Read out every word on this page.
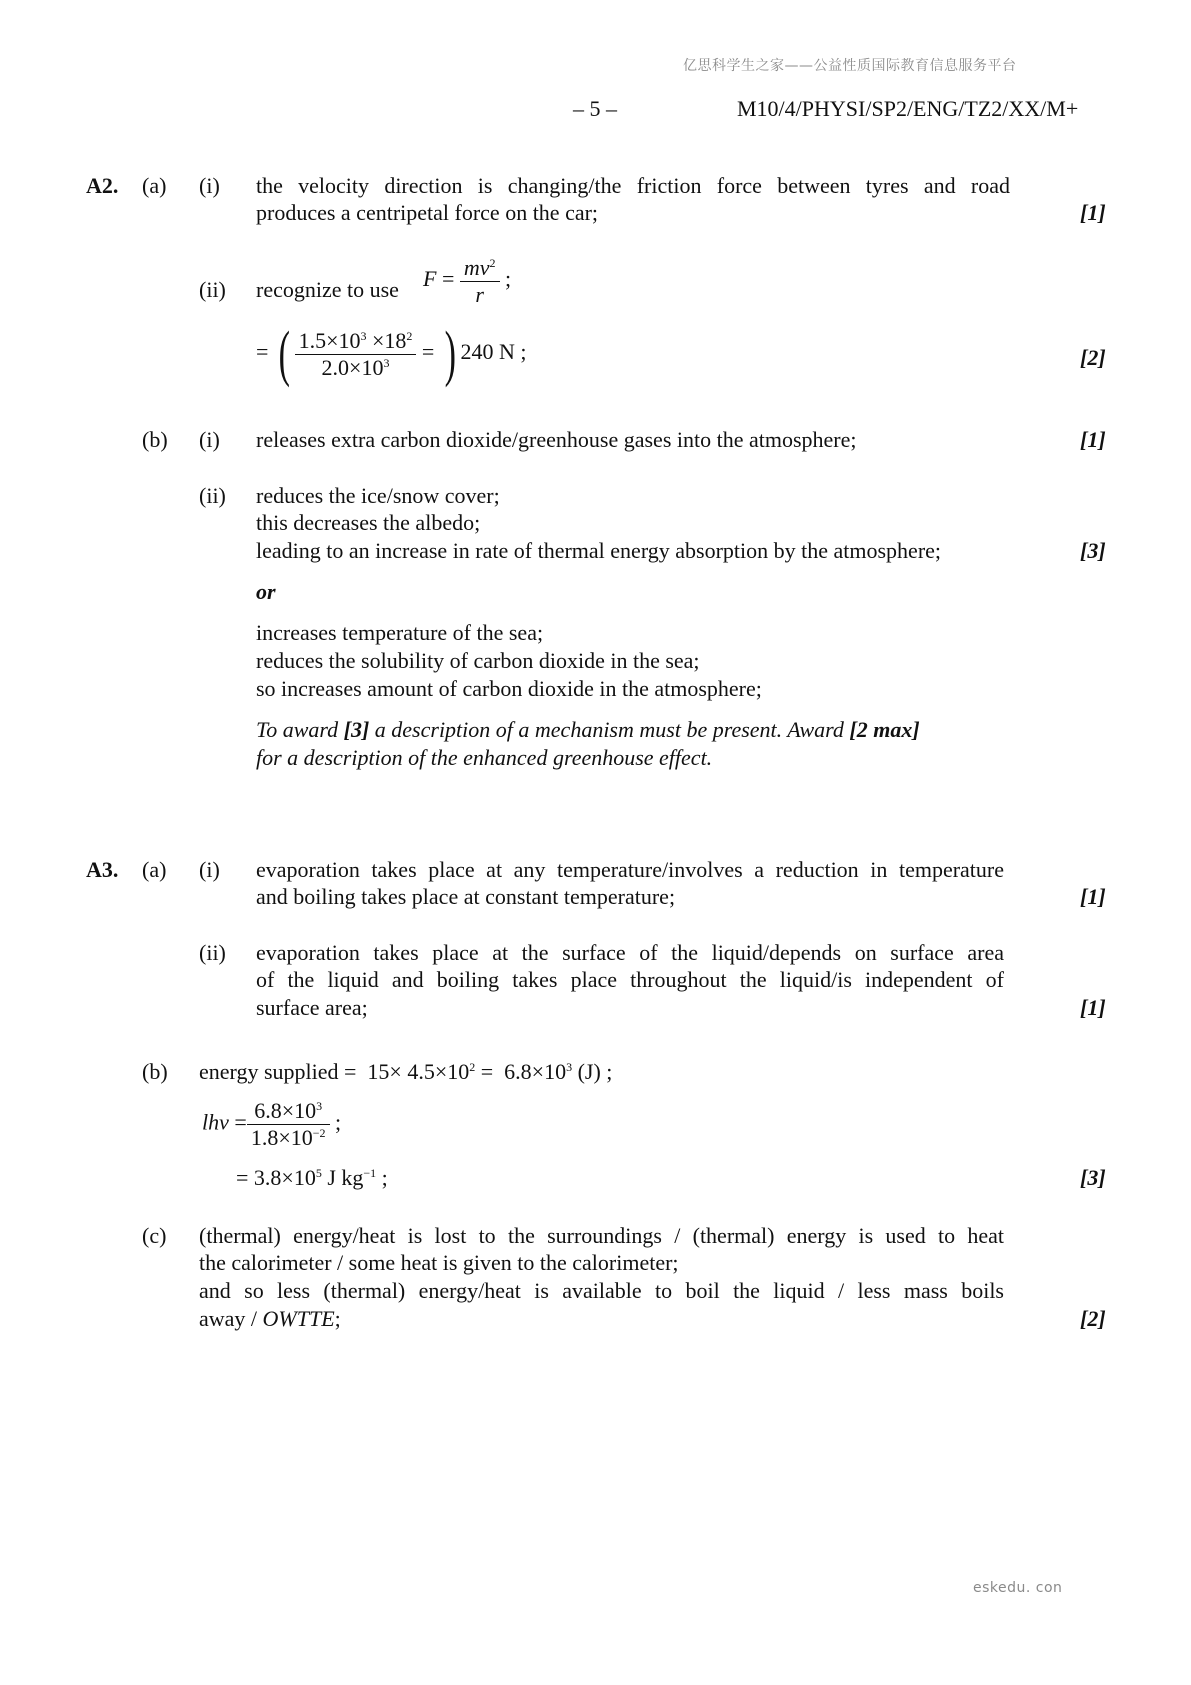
亿思科学生之家——公益性质国际教育信息服务平台
– 5 –	M10/4/PHYSI/SP2/ENG/TZ2/XX/M+
A2. (a) (i) the velocity direction is changing/the friction force between tyres and road
produces a centripetal force on the car;	[1]
(ii) recognize to use $F = \frac{mv^2}{r}$ ;
= ( $\frac{1.5\times 10^3 \times 18^2}{2.0\times 10^3}$ = ) 240 N ;	[2]
(b) (i) releases extra carbon dioxide/greenhouse gases into the atmosphere;	[1]
(ii) reduces the ice/snow cover;
this decreases the albedo;
leading to an increase in rate of thermal energy absorption by the atmosphere;	[3]
or
increases temperature of the sea;
reduces the solubility of carbon dioxide in the sea;
so increases amount of carbon dioxide in the atmosphere;
To award [3] a description of a mechanism must be present. Award [2 max]
for a description of the enhanced greenhouse effect.
A3. (a) (i) evaporation takes place at any temperature/involves a reduction in temperature
and boiling takes place at constant temperature;	[1]
(ii) evaporation takes place at the surface of the liquid/depends on surface area
of the liquid and boiling takes place throughout the liquid/is independent of
surface area;	[1]
(b) energy supplied =  $15\times 4.5\times 10^2 = 6.8\times 10^3$ (J) ;
lhv = $\frac{6.8\times 10^3}{1.8\times 10^{-2}}$ ;
= $3.8\times 10^5$ J $kg^{-1}$ ;	[3]
(c) (thermal) energy/heat is lost to the surroundings / (thermal) energy is used to heat
the calorimeter / some heat is given to the calorimeter;
and so less (thermal) energy/heat is available to boil the liquid / less mass boils
away / OWTTE;	[2]
eskedu. con
